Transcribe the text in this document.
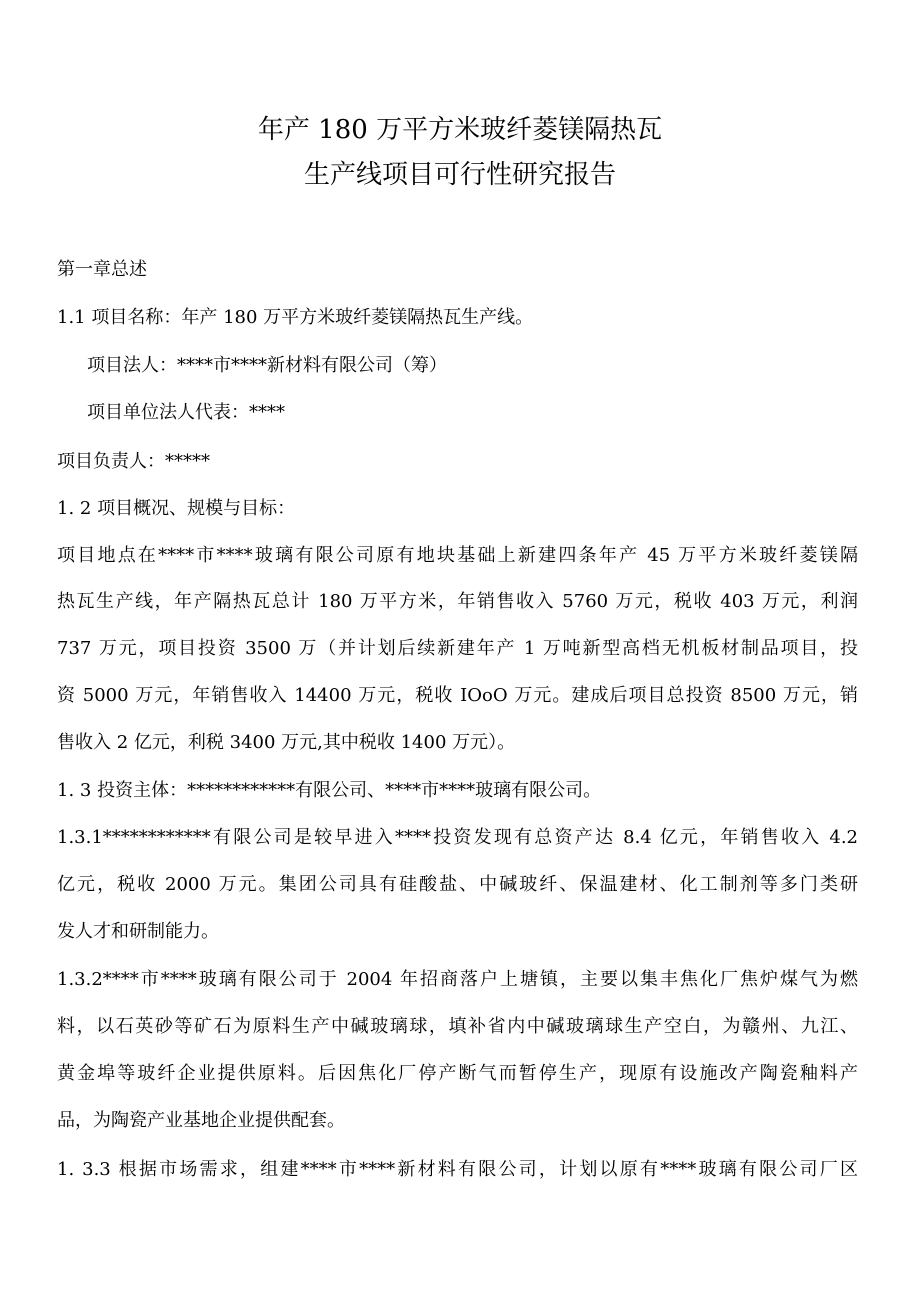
年产 180 万平方米玻纤菱镁隔热瓦
生产线项目可行性研究报告
第一章总述
1.1 项目名称：年产 180 万平方米玻纤菱镁隔热瓦生产线。
项目法人：****市****新材料有限公司（筹）
项目单位法人代表：****
项目负责人：*****
1. 2 项目概况、规模与目标：
项目地点在****市****玻璃有限公司原有地块基础上新建四条年产 45 万平方米玻纤菱镁隔
热瓦生产线，年产隔热瓦总计 180 万平方米，年销售收入 5760 万元，税收 403 万元，利润
737 万元，项目投资 3500 万（并计划后续新建年产 1 万吨新型高档无机板材制品项目，投
资 5000 万元，年销售收入 14400 万元，税收 IOoO 万元。建成后项目总投资 8500 万元，销
售收入 2 亿元，利税 3400 万元,其中税收 1400 万元）。
1. 3 投资主体：************有限公司、****市****玻璃有限公司。
1.3.1************有限公司是较早进入****投资发现有总资产达 8.4 亿元，年销售收入 4.2
亿元，税收 2000 万元。集团公司具有硅酸盐、中碱玻纤、保温建材、化工制剂等多门类研
发人才和研制能力。
1.3.2****市****玻璃有限公司于 2004 年招商落户上塘镇，主要以集丰焦化厂焦炉煤气为燃
料，以石英砂等矿石为原料生产中碱玻璃球，填补省内中碱玻璃球生产空白，为赣州、九江、
黄金埠等玻纤企业提供原料。后因焦化厂停产断气而暂停生产，现原有设施改产陶瓷釉料产
品，为陶瓷产业基地企业提供配套。
1. 3.3 根据市场需求，组建****市****新材料有限公司，计划以原有****玻璃有限公司厂区
